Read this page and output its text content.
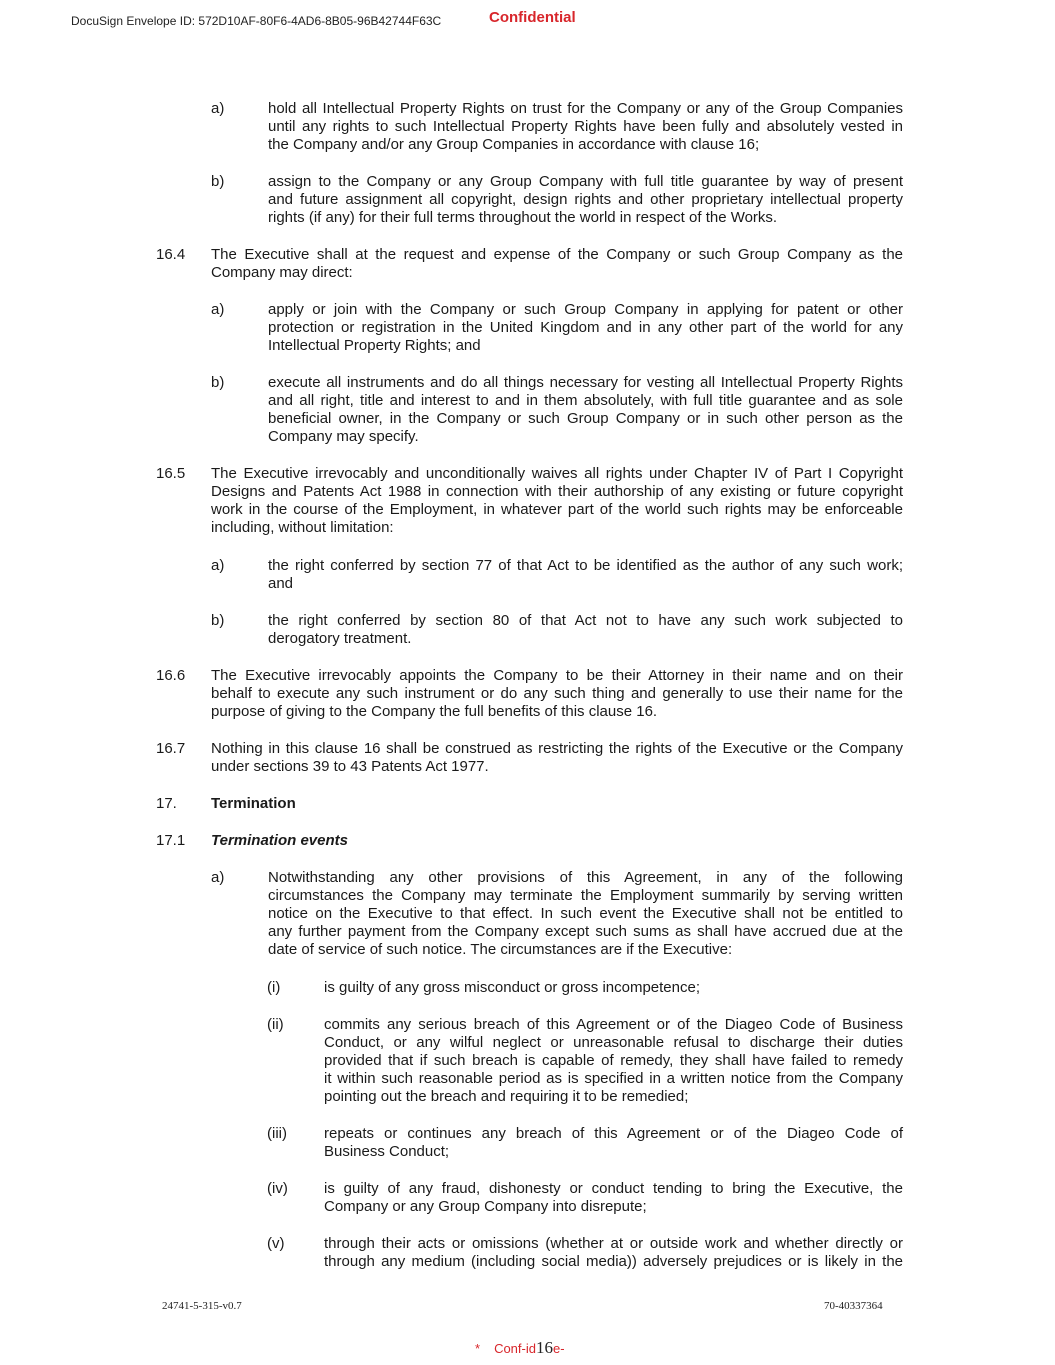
DocuSign Envelope ID: 572D10AF-80F6-4AD6-8B05-96B42744F63C	Confidential
a)	hold all Intellectual Property Rights on trust for the Company or any of the Group Companies
until any rights to such Intellectual Property Rights have been fully and absolutely vested in
the Company and/or any Group Companies in accordance with clause 16;
b)	assign to the Company or any Group Company with full title guarantee by way of present
and future assignment all copyright, design rights and other proprietary intellectual property
rights (if any) for their full terms throughout the world in respect of the Works.
16.4 The Executive shall at the request and expense of the Company or such Group Company as the
Company may direct:
a)	apply or join with the Company or such Group Company in applying for patent or other
protection or registration in the United Kingdom and in any other part of the world for any
Intellectual Property Rights; and
b)	execute all instruments and do all things necessary for vesting all Intellectual Property Rights
and all right, title and interest to and in them absolutely, with full title guarantee and as sole
beneficial owner, in the Company or such Group Company or in such other person as the
Company may specify.
16.5 The Executive irrevocably and unconditionally waives all rights under Chapter IV of Part I Copyright
Designs and Patents Act 1988 in connection with their authorship of any existing or future copyright
work in the course of the Employment, in whatever part of the world such rights may be enforceable
including, without limitation:
a)	the right conferred by section 77 of that Act to be identified as the author of any such work;
and
b)	the right conferred by section 80 of that Act not to have any such work subjected to
derogatory treatment.
16.6 The Executive irrevocably appoints the Company to be their Attorney in their name and on their
behalf to execute any such instrument or do any such thing and generally to use their name for the
purpose of giving to the Company the full benefits of this clause 16.
16.7 Nothing in this clause 16 shall be construed as restricting the rights of the Executive or the Company
under sections 39 to 43 Patents Act 1977.
17. Termination
17.1 Termination events
a)	Notwithstanding any other provisions of this Agreement, in any of the following
circumstances the Company may terminate the Employment summarily by serving written
notice on the Executive to that effect. In such event the Executive shall not be entitled to
any further payment from the Company except such sums as shall have accrued due at the
date of service of such notice. The circumstances are if the Executive:
(i)	is guilty of any gross misconduct or gross incompetence;
(ii)	commits any serious breach of this Agreement or of the Diageo Code of Business
Conduct, or any wilful neglect or unreasonable refusal to discharge their duties
provided that if such breach is capable of remedy, they shall have failed to remedy
it within such reasonable period as is specified in a written notice from the Company
pointing out the breach and requiring it to be remedied;
(iii) repeats or continues any breach of this Agreement or of the Diageo Code of
Business Conduct;
(iv) is guilty of any fraud, dishonesty or conduct tending to bring the Executive, the
Company or any Group Company into disrepute;
(v)	through their acts or omissions (whether at or outside work and whether directly or
through any medium (including social media)) adversely prejudices or is likely in the
24741-5-315-v0.7	70-40337364
* Conf-id16e-
